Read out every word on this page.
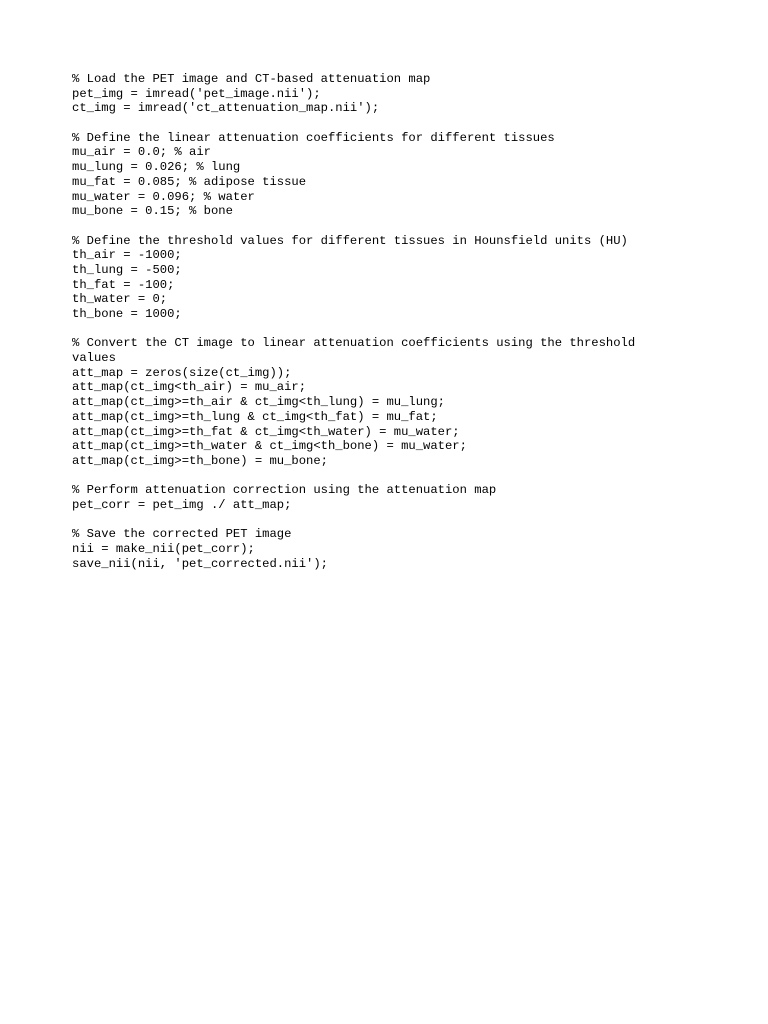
% Load the PET image and CT-based attenuation map
pet_img = imread('pet_image.nii');
ct_img = imread('ct_attenuation_map.nii');
% Define the linear attenuation coefficients for different tissues
mu_air = 0.0; % air
mu_lung = 0.026; % lung
mu_fat = 0.085; % adipose tissue
mu_water = 0.096; % water
mu_bone = 0.15; % bone
% Define the threshold values for different tissues in Hounsfield units (HU)
th_air = -1000;
th_lung = -500;
th_fat = -100;
th_water = 0;
th_bone = 1000;
% Convert the CT image to linear attenuation coefficients using the threshold
values
att_map = zeros(size(ct_img));
att_map(ct_img<th_air) = mu_air;
att_map(ct_img>=th_air & ct_img<th_lung) = mu_lung;
att_map(ct_img>=th_lung & ct_img<th_fat) = mu_fat;
att_map(ct_img>=th_fat & ct_img<th_water) = mu_water;
att_map(ct_img>=th_water & ct_img<th_bone) = mu_water;
att_map(ct_img>=th_bone) = mu_bone;
% Perform attenuation correction using the attenuation map
pet_corr = pet_img ./ att_map;
% Save the corrected PET image
nii = make_nii(pet_corr);
save_nii(nii, 'pet_corrected.nii');
